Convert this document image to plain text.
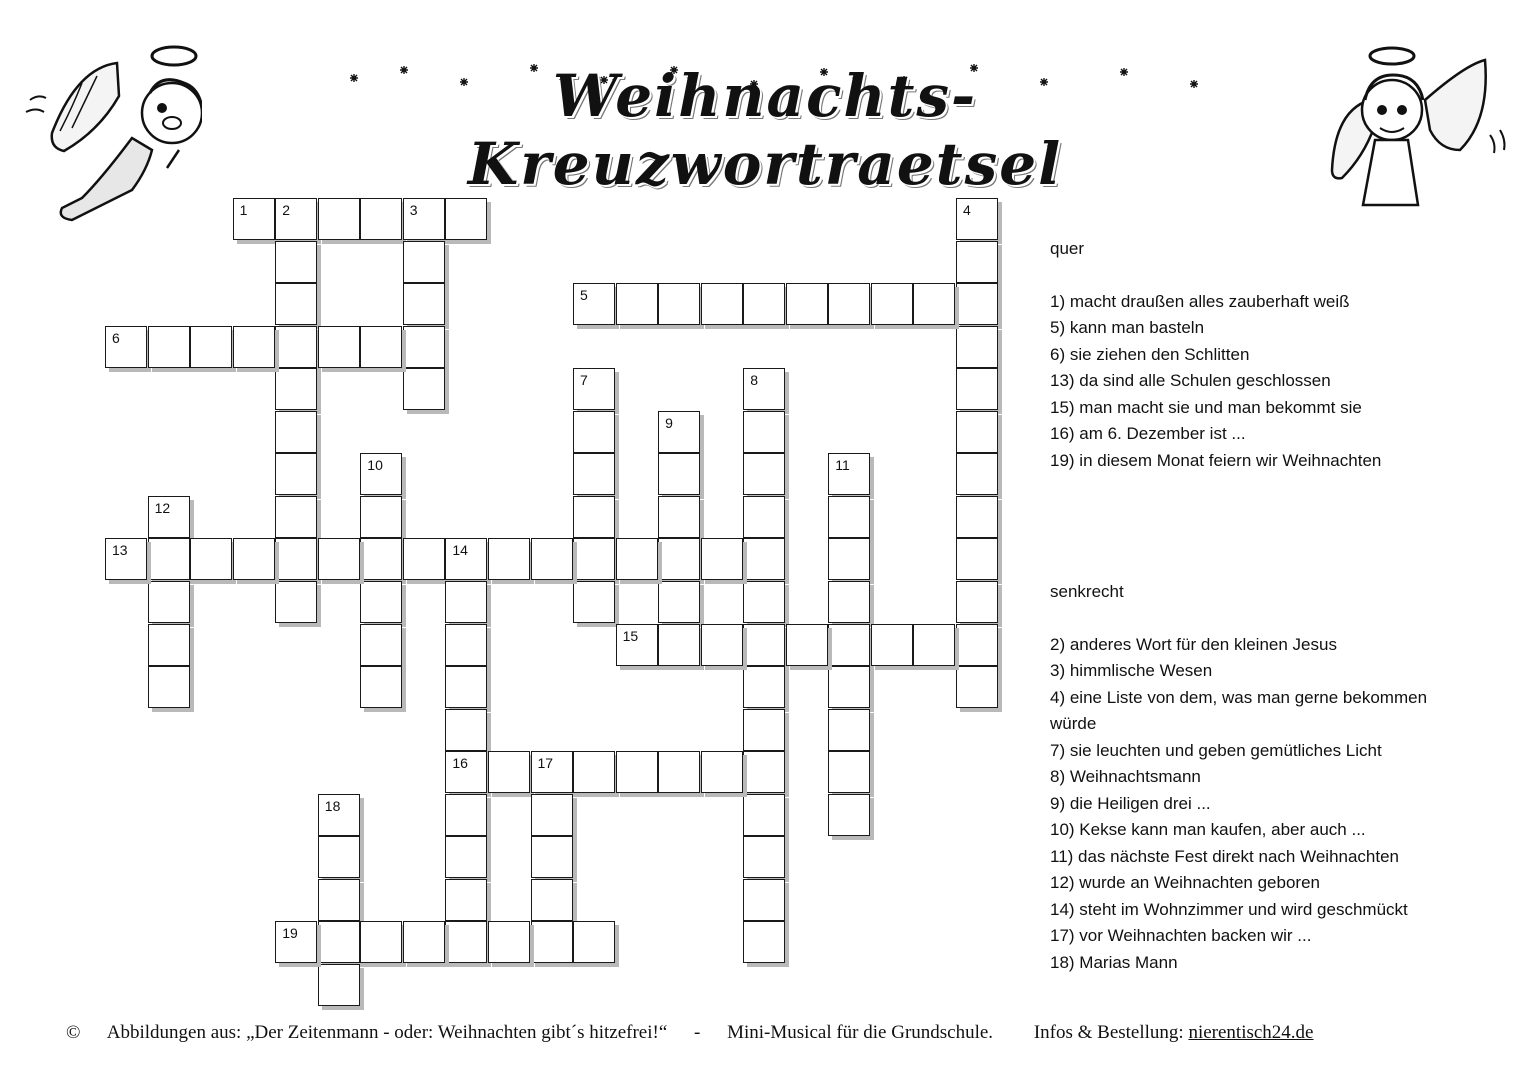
Weihnachts-Kreuzwortraetsel
1 2	3	4
5
6
7	8
9
10	11
12
13	14
16
15
17
18
19
quer
1) macht draußen alles zauberhaft weiß
5) kann man basteln
6) sie ziehen den Schlitten
13) da sind alle Schulen geschlossen
15) man macht sie und man bekommt sie
16) am 6. Dezember ist ...
19) in diesem Monat feiern wir Weihnachten
senkrecht
2) anderes Wort für den kleinen Jesus
3) himmlische Wesen
4) eine Liste von dem, was man gerne bekommen würde
7) sie leuchten und geben gemütliches Licht
8) Weihnachtsmann
9) die Heiligen drei ...
10) Kekse kann man kaufen, aber auch ...
11) das nächste Fest direkt nach Weihnachten
12) wurde an Weihnachten geboren
14) steht im Wohnzimmer und wird geschmückt
17) vor Weihnachten backen wir ...
18) Marias Mann
© Abbildungen aus: „Der Zeitenmann - oder: Weihnachten gibt´s hitzefrei!“ - Mini-Musical für die Grundschule. Infos & Bestellung: nierentisch24.de
